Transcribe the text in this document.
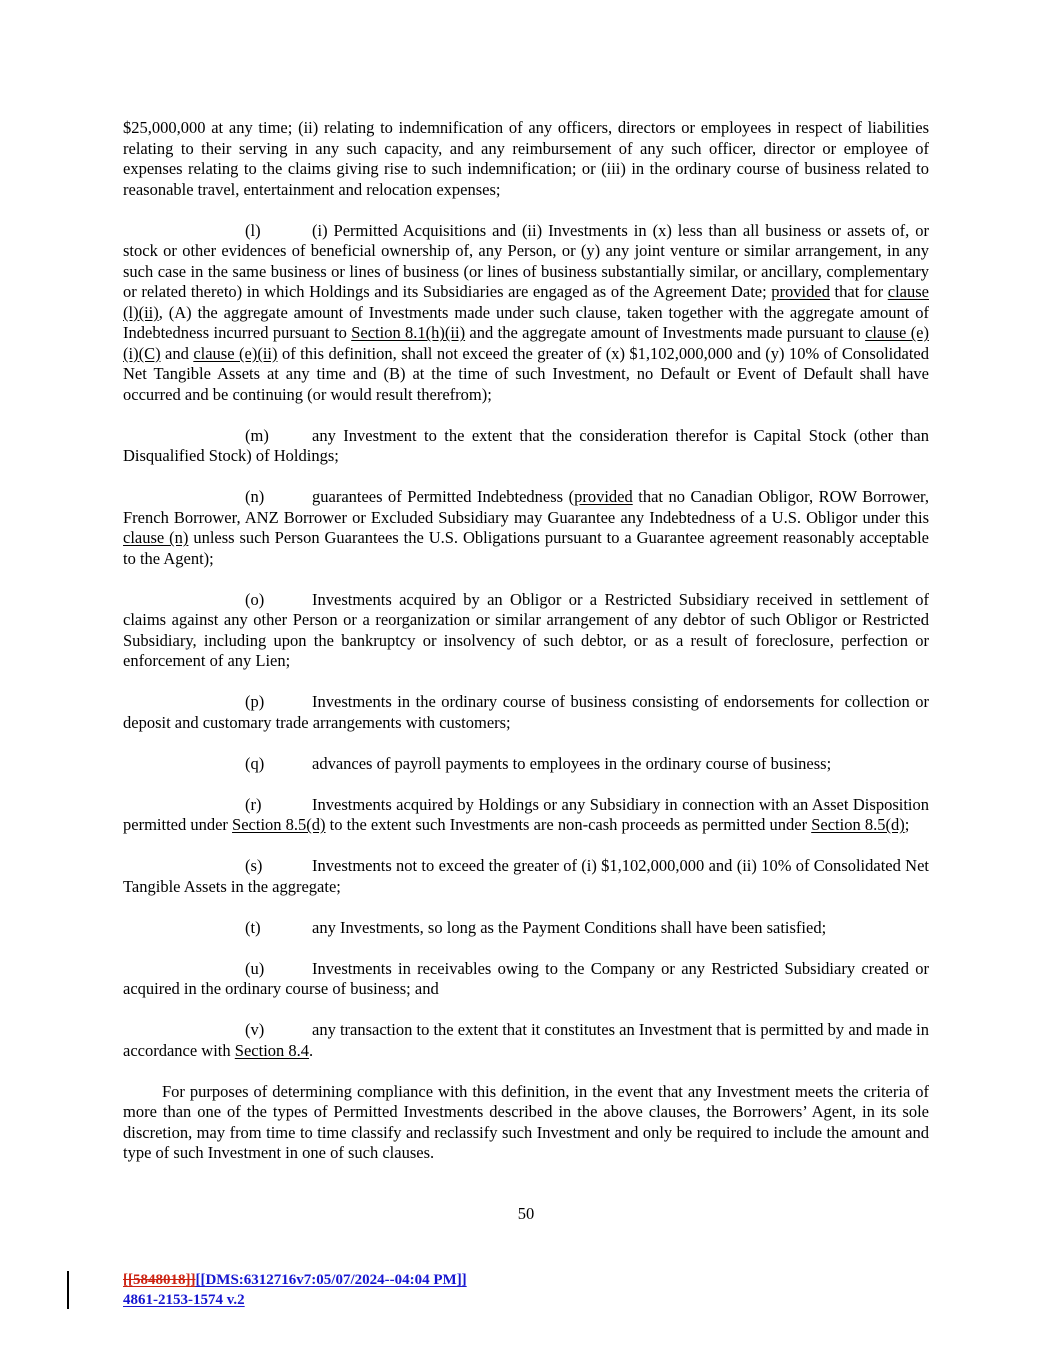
$25,000,000 at any time; (ii) relating to indemnification of any officers, directors or employees in respect of liabilities relating to their serving in any such capacity, and any reimbursement of any such officer, director or employee of expenses relating to the claims giving rise to such indemnification; or (iii) in the ordinary course of business related to reasonable travel, entertainment and relocation expenses;

(l)	(i) Permitted Acquisitions and (ii) Investments in (x) less than all business or assets of, or stock or other evidences of beneficial ownership of, any Person, or (y) any joint venture or similar arrangement, in any such case in the same business or lines of business (or lines of business substantially similar, or ancillary, complementary or related thereto) in which Holdings and its Subsidiaries are engaged as of the Agreement Date; provided that for clause (l)(ii), (A) the aggregate amount of Investments made under such clause, taken together with the aggregate amount of Indebtedness incurred pursuant to Section 8.1(h)(ii) and the aggregate amount of Investments made pursuant to clause (e)(i)(C) and clause (e)(ii) of this definition, shall not exceed the greater of (x) $1,102,000,000 and (y) 10% of Consolidated Net Tangible Assets at any time and (B) at the time of such Investment, no Default or Event of Default shall have occurred and be continuing (or would result therefrom);

(m)	any Investment to the extent that the consideration therefor is Capital Stock (other than Disqualified Stock) of Holdings;

(n)	guarantees of Permitted Indebtedness (provided that no Canadian Obligor, ROW Borrower, French Borrower, ANZ Borrower or Excluded Subsidiary may Guarantee any Indebtedness of a U.S. Obligor under this clause (n) unless such Person Guarantees the U.S. Obligations pursuant to a Guarantee agreement reasonably acceptable to the Agent);

(o)	Investments acquired by an Obligor or a Restricted Subsidiary received in settlement of claims against any other Person or a reorganization or similar arrangement of any debtor of such Obligor or Restricted Subsidiary, including upon the bankruptcy or insolvency of such debtor, or as a result of foreclosure, perfection or enforcement of any Lien;

(p)	Investments in the ordinary course of business consisting of endorsements for collection or deposit and customary trade arrangements with customers;

(q)	advances of payroll payments to employees in the ordinary course of business;

(r)	Investments acquired by Holdings or any Subsidiary in connection with an Asset Disposition permitted under Section 8.5(d) to the extent such Investments are non-cash proceeds as permitted under Section 8.5(d);

(s)	Investments not to exceed the greater of (i) $1,102,000,000 and (ii) 10% of Consolidated Net Tangible Assets in the aggregate;

(t)	any Investments, so long as the Payment Conditions shall have been satisfied;

(u)	Investments in receivables owing to the Company or any Restricted Subsidiary created or acquired in the ordinary course of business; and

(v)	any transaction to the extent that it constitutes an Investment that is permitted by and made in accordance with Section 8.4.

For purposes of determining compliance with this definition, in the event that any Investment meets the criteria of more than one of the types of Permitted Investments described in the above clauses, the Borrowers’ Agent, in its sole discretion, may from time to time classify and reclassify such Investment and only be required to include the amount and type of such Investment in one of such clauses.

50
[[5848018]][[DMS:6312716v7:05/07/2024--04:04 PM]]
4861-2153-1574 v.2
